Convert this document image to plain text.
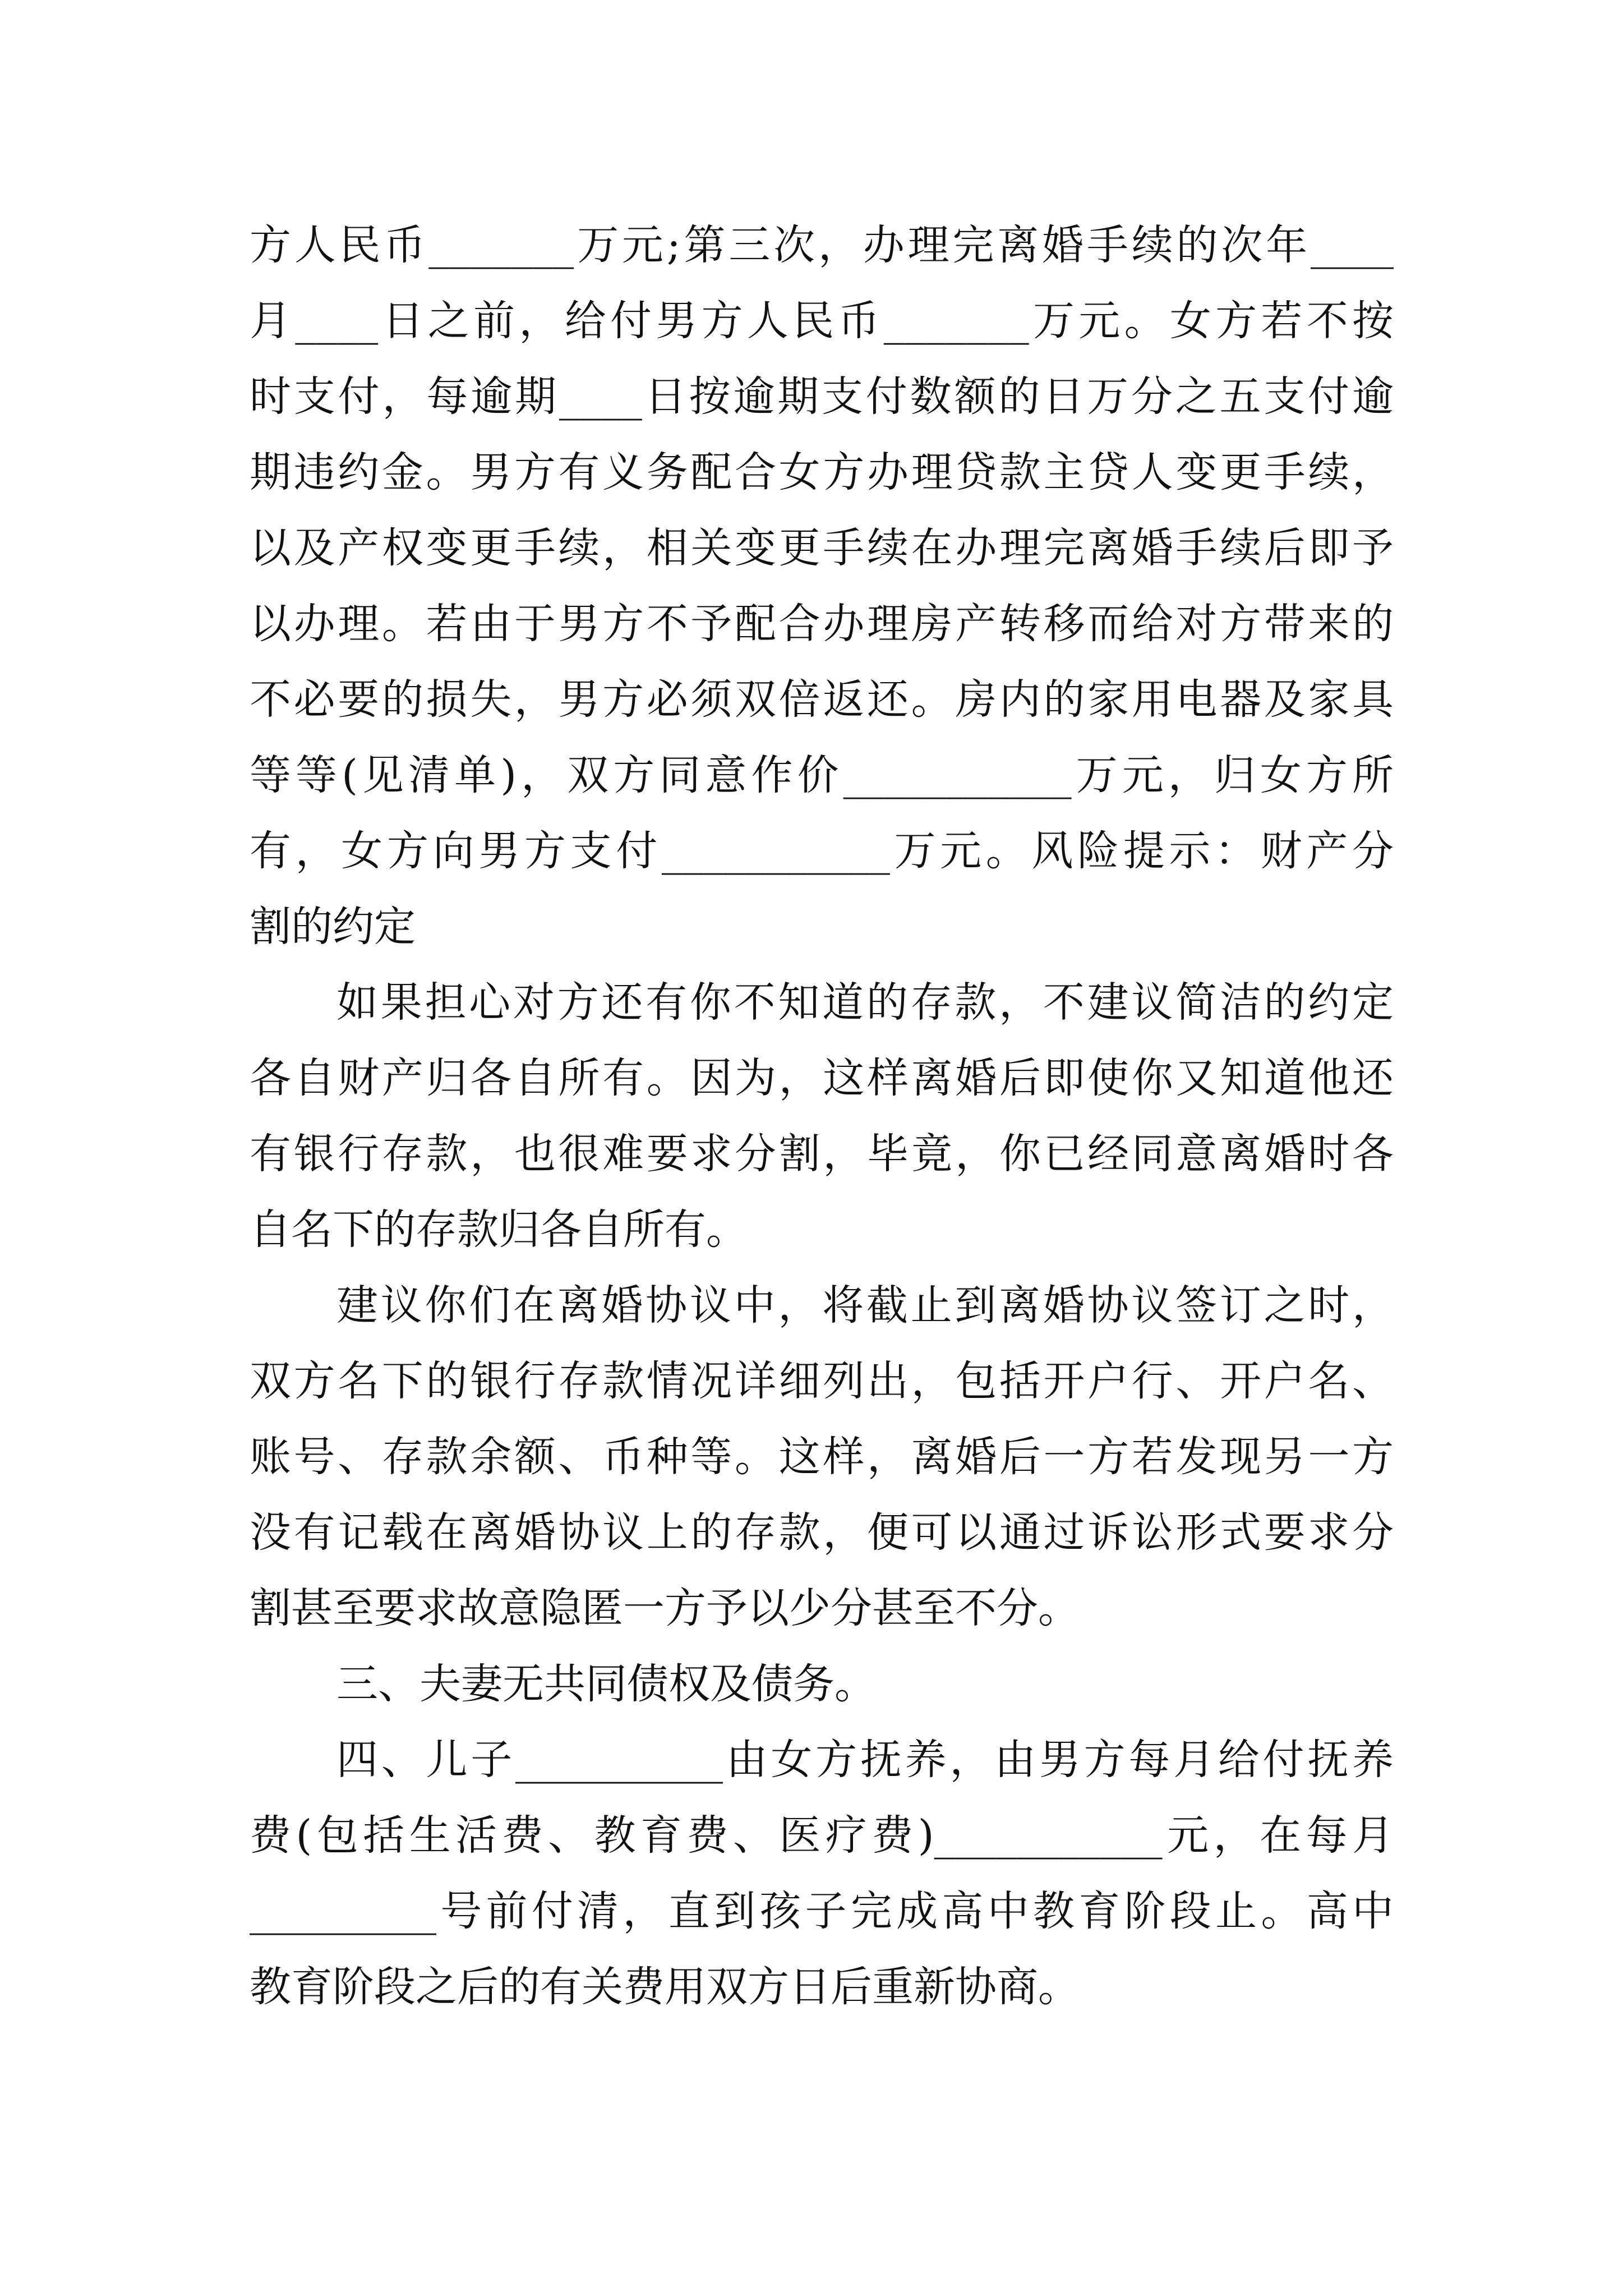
方人民币_______万元;第三次，办理完离婚手续的次年____
月____日之前，给付男方人民币_______万元。女方若不按
时支付，每逾期____日按逾期支付数额的日万分之五支付逾
期违约金。男方有义务配合女方办理贷款主贷人变更手续，
以及产权变更手续，相关变更手续在办理完离婚手续后即予
以办理。若由于男方不予配合办理房产转移而给对方带来的
不必要的损失，男方必须双倍返还。房内的家用电器及家具
等等(见清单)，双方同意作价___________万元，归女方所
有，女方向男方支付___________万元。风险提示：财产分
割的约定
如果担心对方还有你不知道的存款，不建议简洁的约定
各自财产归各自所有。因为，这样离婚后即使你又知道他还
有银行存款，也很难要求分割，毕竟，你已经同意离婚时各
自名下的存款归各自所有。
建议你们在离婚协议中，将截止到离婚协议签订之时，
双方名下的银行存款情况详细列出，包括开户行、开户名、
账号、存款余额、币种等。这样，离婚后一方若发现另一方
没有记载在离婚协议上的存款，便可以通过诉讼形式要求分
割甚至要求故意隐匿一方予以少分甚至不分。
三、夫妻无共同债权及债务。
四、儿子__________由女方抚养，由男方每月给付抚养
费(包括生活费、教育费、医疗费)___________元，在每月
_________号前付清，直到孩子完成高中教育阶段止。高中
教育阶段之后的有关费用双方日后重新协商。
